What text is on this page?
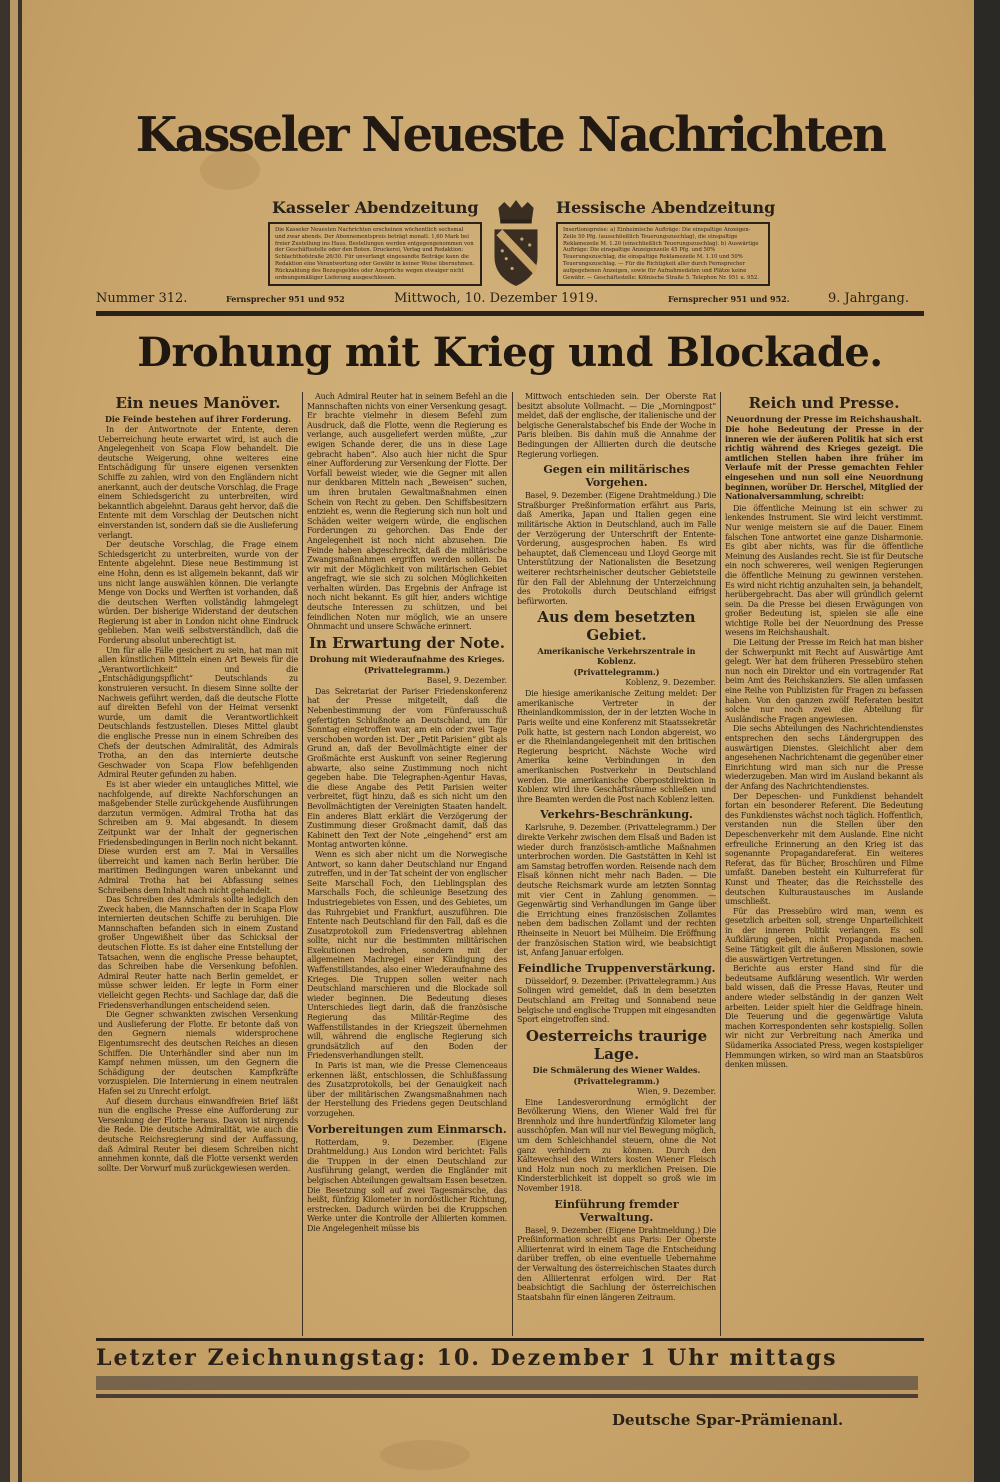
Kasseler Neueste Nachrichten
Kasseler Abendzeitung	Hessische Abendzeitung
Die Kasseler Neuesten Nachrichten erscheinen wöchentlich sechsmal und zwar abends. Der Abonnementspreis beträgt monatl. 1,60 Mark bei freier Zustellung ins Haus. Bestellungen werden entgegengenommen von der Geschäftsstelle oder den Boten. Druckerei, Verlag und Redaktion: Schlachthofstraße 26/30. Für unverlangt eingesandte Beiträge kann die Redaktion eine Verantwortung oder Gewähr in keiner Weise übernehmen. Rückzahlung des Bezugsgeldes oder Ansprüche wegen etwaiger nicht ordnungsmäßiger Lieferung ausgeschlossen.
Insertionspreise: a) Einheimische Aufträge: Die einspaltige Anzeigen-Zeile 50 Pfg. (ausschließlich Teuerungszuschlag), die einspaltige Reklamezeile M. 1.20 (einschließlich Teuerungszuschlag). b) Auswärtige Aufträge: Die einspaltige Anzeigenzeile 45 Pfg. und 50% Teuerungszuschlag, die einspaltige Reklamezeile M. 1.10 und 50% Teuerungszuschlag. — Für die Richtigkeit aller durch Fernsprecher aufgegebenen Anzeigen, sowie für Aufnahmedaten und Plätze keine Gewähr. — Geschäftsstelle: Kölnische Straße 5. Telephon Nr. 951 u. 952.
Nummer 312.	Fernsprecher 951 und 952	Mittwoch, 10. Dezember 1919.	Fernsprecher 951 und 952.	9. Jahrgang.
Drohung mit Krieg und Blockade.
Ein neues Manöver.
Die Feinde bestehen auf ihrer Forderung.

In der Antwortnote der Entente, deren Ueberreichung heute erwartet wird, ist auch die Angelegenheit von Scapa Flow behandelt. Die deutsche Weigerung, ohne weiteres eine Entschädigung für unsere eigenen versenkten Schiffe zu zahlen, wird von den Engländern nicht anerkannt, auch der deutsche Vorschlag, die Frage einem Schiedsgericht zu unterbreiten, wird bekanntlich abgelehnt. Daraus geht hervor, daß die Entente mit dem Vorschlag der Deutschen nicht einverstanden ist, sondern daß sie die Auslieferung verlangt.

Der deutsche Vorschlag, die Frage einem Schiedsgericht zu unterbreiten, wurde von der Entente abgelehnt. Diese neue Bestimmung ist eine Hohn, denn es ist allgemein bekannt, daß wir uns nicht lange auswählen können. Die verlangte Menge von Docks und Werften ist vorhanden, daß die deutschen Werften vollständig lahmgelegt würden. Der bisherige Widerstand der deutschen Regierung ist aber in London nicht ohne Eindruck geblieben. Man weiß selbstverständlich, daß die Forderung absolut unberechtigt ist.

Um für alle Fälle gesichert zu sein, hat man mit allen künstlichen Mitteln einen Art Beweis für die „Verantwortlichkeit“ und die „Entschädigungspflicht“ Deutschlands zu konstruieren versucht. In diesem Sinne sollte der Nachweis geführt werden, daß die deutsche Flotte auf direkten Befehl von der Heimat versenkt wurde, um damit die Verantwortlichkeit Deutschlands festzustellen. Dieses Mittel glaubt die englische Presse nun in einem Schreiben des Chefs der deutschen Admiralität, des Admirals Trotha, an den das internierte deutsche Geschwader von Scapa Flow befehligenden Admiral Reuter gefunden zu haben.

Es ist aber wieder ein untaugliches Mittel, wie nachfolgende, auf direkte Nachforschungen an maßgebender Stelle zurückgehende Ausführungen darzutun vermögen. Admiral Trotha hat das Schreiben am 9. Mai abgesandt. In diesem Zeitpunkt war der Inhalt der gegnerischen Friedensbedingungen in Berlin noch nicht bekannt. Diese wurden erst am 7. Mai in Versailles überreicht und kamen nach Berlin herüber. Die maritimen Bedingungen waren unbekannt und Admiral Trotha hat bei Abfassung seines Schreibens dem Inhalt nach nicht gehandelt.

Das Schreiben des Admirals sollte lediglich den Zweck haben, die Mannschaften der in Scapa Flow internierten deutschen Schiffe zu beruhigen. Die Mannschaften befanden sich in einem Zustand großer Ungewißheit über das Schicksal der deutschen Flotte. Es ist daher eine Entstellung der Tatsachen, wenn die englische Presse behauptet, das Schreiben habe die Versenkung befohlen. Admiral Reuter hatte nach Berlin gemeldet, er müsse schwer leiden. Er legte in Form einer vielleicht gegen Rechts- und Sachlage dar, daß die Friedensverhandlungen entscheidend seien.

Die Gegner schwankten zwischen Versenkung und Auslieferung der Flotte. Er betonte daß von den Gegnern niemals widersprochene Eigentumsrecht des deutschen Reiches an diesen Schiffen. Die Unterhändler sind aber nun im Kampf nehmen müssen, um den Gegnern die Schädigung der deutschen Kampfkräfte vorzuspielen. Die Internierung in einem neutralen Hafen sei zu Unrecht erfolgt.

Auf diesem durchaus einwandfreien Brief läßt nun die englische Presse eine Aufforderung zur Versenkung der Flotte heraus. Davon ist nirgends die Rede. Die deutsche Admiralität, wie auch die deutsche Reichsregierung sind der Auffassung, daß Admiral Reuter bei diesem Schreiben nicht annehmen konnte, daß die Flotte versenkt werden sollte. Der Vorwurf muß zurückgewiesen werden.

Auch Admiral Reuter hat in seinem Befehl an die Mannschaften nichts von einer Versenkung gesagt. Er brachte vielmehr in diesem Befehl zum Ausdruck, daß die Flotte, wenn die Regierung es verlange, auch ausgeliefert werden müßte, „zur ewigen Schande derer, die uns in diese Lage gebracht haben“. Also auch hier nicht die Spur einer Aufforderung zur Versenkung der Flotte. Der Vorfall beweist wieder, wie die Gegner mit allen nur denkbaren Mitteln nach „Beweisen“ suchen, um ihren brutalen Gewaltmaßnahmen einen Schein von Recht zu geben. Den Schiffsbesitzern entzieht es, wenn die Regierung sich nun holt und Schäden weiter weigern würde, die englischen Forderungen zu gehorchen. Das Ende der Angelegenheit ist noch nicht abzusehen. Die Feinde haben abgeschreckt, daß die militärische Zwangsmaßnahmen ergriffen werden sollen. Da wir mit der Möglichkeit von militärischen Gebiet angefragt, wie sie sich zu solchen Möglichkeiten verhalten würden. Das Ergebnis der Anfrage ist noch nicht bekannt. Es gilt hier, anders wichtige deutsche Interessen zu schützen, und bei feindlichen Noten nur möglich, wie an unsere Ohnmacht und unsere Schwäche erinnert.

In Erwartung der Note.
Drohung mit Wiederaufnahme des Krieges.
(Privattelegramm.)
Basel, 9. Dezember.

Das Sekretariat der Pariser Friedenskonferenz hat der Presse mitgeteilt, daß die Nebenbestimmung der vom Fünferausschuß gefertigten Schlußnote an Deutschland, um für Sonntag eingetroffen war, am ein oder zwei Tage verschoben worden ist. Der „Petit Parisien“ gibt als Grund an, daß der Bevollmächtigte einer der Großmächte erst Auskunft von seiner Regierung abwarte, also seine Zustimmung noch nicht gegeben habe. Die Telegraphen-Agentur Havas, die diese Angabe des Petit Parisien weiter verbreitet, fügt hinzu, daß es sich nicht um den Bevollmächtigten der Vereinigten Staaten handelt. Ein anderes Blatt erklärt die Verzögerung der Zustimmung dieser Großmacht damit, daß das Kabinett den Text der Note „eingehend“ erst am Montag antworten könne.

Wenn es sich aber nicht um die Norwegische Antwort, so kann daher Deutschland nur Engand zutreffen, und in der Tat scheint der von englischer Seite Marschall Foch, den Lieblingsplan des Marschalls Foch, die schleunige Besetzung des Industriegebietes von Essen, und des Gebietes, um das Ruhrgebiet und Frankfurt, auszuführen. Die Entente nach Deutschland für den Fall, daß es die Zusatzprotokoll zum Friedensvertrag ablehnen sollte, nicht nur die bestimmten militärischen Exekutionen bedrohen, sondern mit der allgemeinen Machregel einer Kündigung des Waffenstillstandes, also einer Wiederaufnahme des Krieges. Die Truppen sollen weiter nach Deutschland marschieren und die Blockade soll wieder beginnen. Die Bedeutung dieses Unterschiedes liegt darin, daß die französische Regierung das Militär-Regime des Waffenstillstandes in der Kriegszeit übernehmen will, während die englische Regierung sich grundsätzlich auf den Boden der Friedensverhandlungen stellt.

In Paris ist man, wie die Presse Clemenceaus erkennen läßt, entschlossen, die Schlußfassung des Zusatzprotokolls, bei der Genauigkeit nach über der militärischen Zwangsmaßnahmen nach der Herstellung des Friedens gegen Deutschland vorzugehen.

Vorbereitungen zum Einmarsch.

Rotterdam, 9. Dezember. (Eigene Drahtmeldung.) Aus London wird berichtet: Falls die Truppen in der einen Deutschland zur Ausführung gelangt, werden die Engländer mit belgischen Abteilungen gewaltsam Essen besetzen. Die Besetzung soll auf zwei Tagesmärsche, das heißt, fünfzig Kilometer in nordöstlicher Richtung, erstrecken. Dadurch würden bei die Kruppschen Werke unter die Kontrolle der Alliierten kommen. Die Angelegenheit müsse bis

Mittwoch entschieden sein. Der Oberste Rat besitzt absolute Vollmacht. — Die „Morningpost“ meldet, daß der englische, der italienische und der belgische Generalstabschef bis Ende der Woche in Paris bleiben. Bis dahin muß die Annahme der Bedingungen der Alliierten durch die deutsche Regierung vorliegen.

Gegen ein militärisches Vorgehen.

Basel, 9. Dezember. (Eigene Drahtmeldung.) Die Straßburger Preßinformation erfährt aus Paris, daß Amerika, Japan und Italien gegen eine militärische Aktion in Deutschland, auch im Falle der Verzögerung der Unterschrift der Entente-Vorderung, ausgesprochen haben. Es wird behauptet, daß Clemenceau und Lloyd George mit Unterstützung der Nationalisten die Besetzung weiterer rechtsrheinischer deutscher Gebietsteile für den Fall der Ablehnung der Unterzeichnung des Protokolls durch Deutschland eifrigst befürworten.

Aus dem besetzten Gebiet.
Amerikanische Verkehrszentrale in Koblenz.
(Privattelegramm.)
Koblenz, 9. Dezember.

Die hiesige amerikanische Zeitung meldet: Der amerikanische Vertreter in der Rheinlandkommission, der in der letzten Woche in Paris weilte und eine Konferenz mit Staatssekretär Polk hatte, ist gestern nach London abgereist, wo er die Rheinlandangelegenheit mit den britischen Regierung bespricht. Nächste Woche wird Amerika keine Verbindungen in den amerikanischen Postverkehr in Deutschland werden. Die amerikanische Oberpostdirektion in Koblenz wird ihre Geschäftsräume schließen und ihre Beamten werden die Post nach Koblenz leiten.

Verkehrs-Beschränkung.

Karlsruhe, 9. Dezember. (Privattelegramm.) Der direkte Verkehr zwischen dem Elsaß und Baden ist wieder durch französisch-amtliche Maßnahmen unterbrochen worden. Die Gaststätten in Kehl ist am Samstag betroffen worden. Reisende nach dem Elsaß können nicht mehr nach Baden. — Die deutsche Reichsmark wurde am letzten Sonntag mit vier Cent in Zahlung genommen. — Gegenwärtig sind Verhandlungen im Gange über die Errichtung eines französischen Zollamtes neben dem badischen Zollamt und der rechten Rheinseite in Neuort bei Mülheim. Die Eröffnung der französischen Station wird, wie beabsichtigt ist, Anfang Januar erfolgen.

Feindliche Truppenverstärkung.

Düsseldorf, 9. Dezember. (Privattelegramm.) Aus Solingen wird gemeldet, daß in dem besetzten Deutschland am Freitag und Sonnabend neue belgische und englische Truppen mit eingesandten Sport eingetroffen sind.

Oesterreichs traurige Lage.
Die Schmälerung des Wiener Waldes.
(Privattelegramm.)
Wien, 9. Dezember.

Eine Landesverordnung ermöglicht der Bevölkerung Wiens, den Wiener Wald frei für Brennholz und ihre hundertfünfzig Kilometer lang ausschöpfen. Man will nur viel Bewegung möglich, um dem Schleichhandel steuern, ohne die Not ganz verhindern zu können. Durch den Kältewechsel des Winters kosten Wiener Fleisch und Holz nun noch zu merklichen Preisen. Die Kindersterblichkeit ist doppelt so groß wie im November 1918.

Einführung fremder Verwaltung.

Basel, 9. Dezember. (Eigene Drahtmeldung.) Die Preßinformation schreibt aus Paris: Der Oberste Alliiertenrat wird in einem Tage die Entscheidung darüber treffen, ob eine eventuelle Uebernahme der Verwaltung des österreichischen Staates durch den Alliiertenrat erfolgen wird. Der Rat beabsichtigt die Sachlung der österreichischen Staatsbahn für einen längeren Zeitraum.

Reich und Presse.
Neuordnung der Presse im Reichshaushalt.

Die hohe Bedeutung der Presse in der inneren wie der äußeren Politik hat sich erst richtig während des Krieges gezeigt. Die amtlichen Stellen haben ihre früher im Verlaufe mit der Presse gemachten Fehler eingesehen und nun soll eine Neuordnung beginnen, worüber Dr. Herschel, Mitglied der Nationalversammlung, schreibt:

Die öffentliche Meinung ist ein schwer zu lenkendes Instrument. Sie wird leicht verstimmt. Nur wenige meistern sie auf die Dauer. Einem falschen Tone antwortet eine ganze Disharmonie. Es gibt aber nichts, was für die öffentliche Meinung des Auslandes recht. Sie ist für Deutsche ein noch schwereres, weil wenigen Regierungen die öffentliche Meinung zu gewinnen verstehen. Es wird nicht richtig anzuhalten sein, ja behandelt, herübergebracht. Das aber will gründlich gelernt sein. Da die Presse bei diesen Erwägungen von großer Bedeutung ist, spielen sie alle eine wichtige Rolle bei der Neuordnung des Presse wesens im Reichshaushalt.

Die Leitung der Presse im Reich hat man bisher der Schwerpunkt mit Recht auf Auswärtige Amt gelegt. Wer hat dem früheren Pressebüro stehen nun noch ein Direktor und ein vortragender Rat beim Amt des Reichskanzlers. Sie allen umfassen eine Reihe von Publizisten für Fragen zu befassen haben. Von den ganzen zwölf Referaten besitzt solche nur noch zwei die Abteilung für Ausländische Fragen angewiesen.

Die sechs Abteilungen des Nachrichtendienstes entsprechen den sechs Ländergruppen des auswärtigen Dienstes. Gleichlicht aber dem angesehenen Nachrichtenamt die gegenüber einer Einrichtung wird man sich nur die Presse wiederzugeben. Man wird im Ausland bekannt als der Anfang des Nachrichtendienstes.

Der Depeschen- und Funkdienst behandelt fortan ein besonderer Referent. Die Bedeutung des Funkdienstes wächst noch täglich. Hoffentlich, verstanden nun die Stellen über den Depeschenverkehr mit dem Auslande. Eine nicht erfreuliche Erinnerung an den Krieg ist das sogenannte Propagandareferat. Ein weiteres Referat, das für Bücher, Broschüren und Filme umfaßt. Daneben besteht ein Kulturreferat für Kunst und Theater, das die Reichsstelle des deutschen Kulturaustausches im Auslande umschließt.

Für das Pressebüro wird man, wenn es gesetzlich arbeiten soll, strenge Unparteilichkeit in der inneren Politik verlangen. Es soll Aufklärung geben, nicht Propaganda machen. Seine Tätigkeit gilt die äußeren Missionen, sowie die auswärtigen Vertretungen.

Berichte aus erster Hand sind für die bedeutsame Aufklärung wesentlich. Wir werden bald wissen, daß die Presse Havas, Reuter und andere wieder selbständig in der ganzen Welt arbeiten. Leider spielt hier die Geldfrage hinein. Die Teuerung und die gegenwärtige Valuta machen Korrespondenten sehr kostspielig. Sollen wir nicht zur Verbreitung nach Amerika und Südamerika Associated Press, wegen kostspieliger Hemmungen wirken, so wird man an Staatsbüros denken müssen.

Letzter Zeichnungstag: 10. Dezember 1 Uhr mittags
Deutsche Spar-Prämienanl.
